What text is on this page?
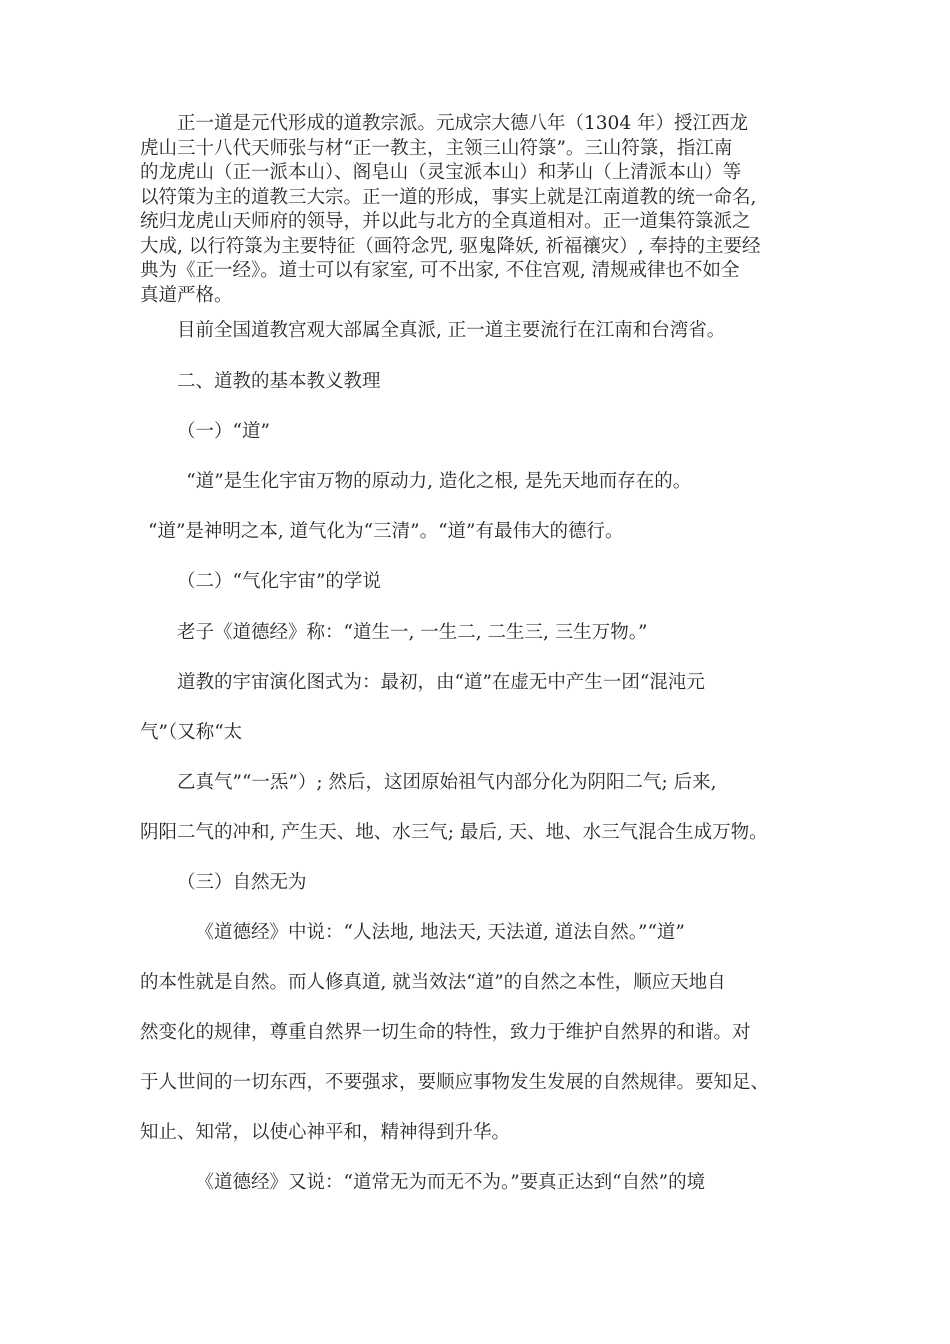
正一道是元代形成的道教宗派。元成宗大德八年（1304 年）授江西龙
虎山三十八代天师张与材“正一教主，主领三山符箓”。三山符箓，指江南
的龙虎山（正一派本山）、阁皂山（灵宝派本山）和茅山（上清派本山）等
以符策为主的道教三大宗。正一道的形成，事实上就是江南道教的统一命名,
统归龙虎山天师府的领导，并以此与北方的全真道相对。正一道集符箓派之
大成, 以行符箓为主要特征（画符念咒, 驱鬼降妖, 祈福禳灾）, 奉持的主要经
典为《正一经》。道士可以有家室, 可不出家, 不住宫观, 清规戒律也不如全
真道严格。
目前全国道教宫观大部属全真派, 正一道主要流行在江南和台湾省。
二、道教的基本教义教理
（一）“道”
“道”是生化宇宙万物的原动力, 造化之根, 是先天地而存在的。
“道”是神明之本, 道气化为“三清”。“道”有最伟大的德行。
（二）“气化宇宙”的学说
老子《道德经》称：“道生一, 一生二, 二生三, 三生万物。”
道教的宇宙演化图式为：最初，由“道”在虚无中产生一团“混沌元
气”（又称“太
乙真气”“一炁”）; 然后，这团原始祖气内部分化为阴阳二气; 后来,
阴阳二气的冲和, 产生天、地、水三气; 最后, 天、地、水三气混合生成万物。
（三）自然无为
《道德经》中说：“人法地, 地法天, 天法道, 道法自然。”“道”
的本性就是自然。而人修真道, 就当效法“道”的自然之本性，顺应天地自
然变化的规律，尊重自然界一切生命的特性，致力于维护自然界的和谐。对
于人世间的一切东西，不要强求，要顺应事物发生发展的自然规律。要知足、
知止、知常，以使心神平和，精神得到升华。
《道德经》又说：“道常无为而无不为。”要真正达到“自然”的境
